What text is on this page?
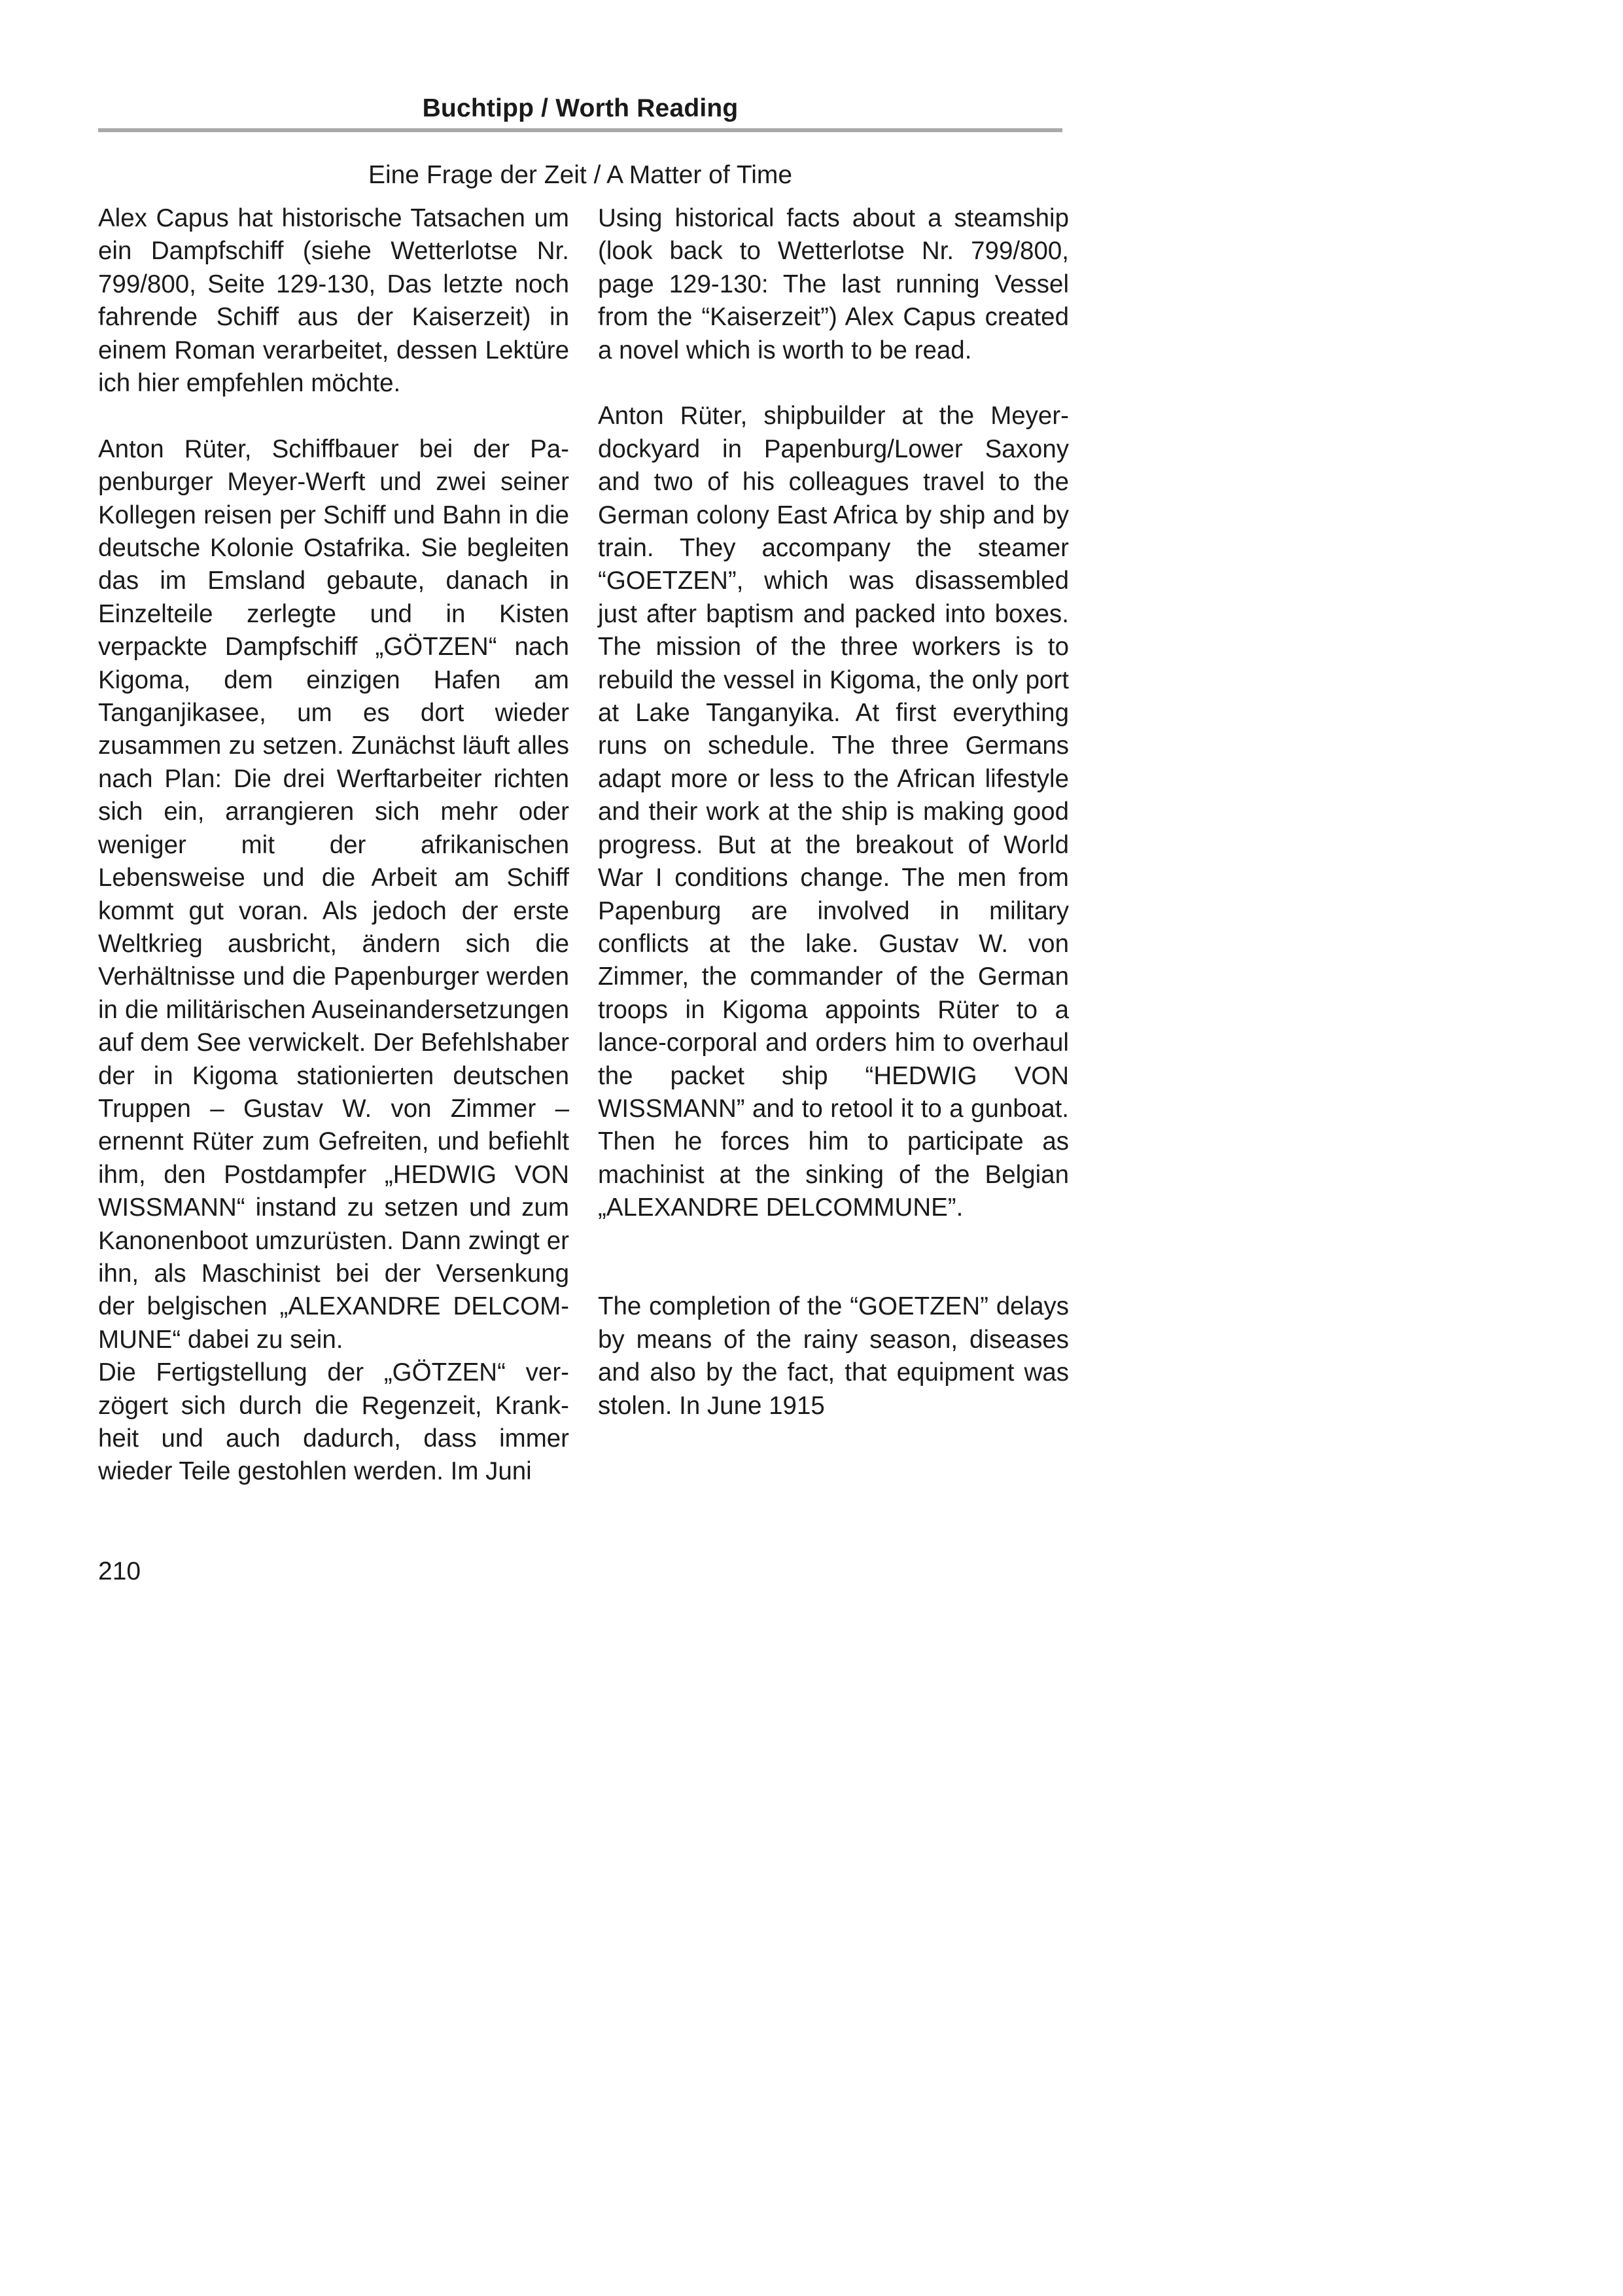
Buchtipp / Worth Reading
Eine Frage der Zeit / A Matter of Time

Alex Capus hat historische Tatsachen um ein Dampfschiff (siehe Wetterlotse Nr. 799/800, Seite 129-130, Das letzte noch fahrende Schiff aus der Kaiserzeit) in einem Roman verarbeitet, dessen Lektüre ich hier empfehlen möchte.

Anton Rüter, Schiffbauer bei der Papenburger Meyer-Werft und zwei seiner Kollegen reisen per Schiff und Bahn in die deutsche Kolonie Ostafrika. Sie begleiten das im Emsland gebaute, danach in Einzelteile zerlegte und in Kisten verpackte Dampfschiff „GÖTZEN“ nach Kigoma, dem einzigen Hafen am Tanganjikasee, um es dort wieder zusammen zu setzen. Zunächst läuft alles nach Plan: Die drei Werftarbeiter richten sich ein, arrangieren sich mehr oder weniger mit der afrikanischen Lebensweise und die Arbeit am Schiff kommt gut voran. Als jedoch der erste Weltkrieg ausbricht, ändern sich die Verhältnisse und die Papenburger werden in die militärischen Auseinandersetzungen auf dem See verwickelt. Der Befehlshaber der in Kigoma stationierten deutschen Truppen – Gustav W. von Zimmer – ernennt Rüter zum Gefreiten, und befiehlt ihm, den Postdampfer „HEDWIG VON WISSMANN“ instand zu setzen und zum Kanonenboot umzurüsten. Dann zwingt er ihn, als Maschinist bei der Versenkung der belgischen „ALEXANDRE DELCOMMUNE“ dabei zu sein.

Die Fertigstellung der „GÖTZEN“ verzögert sich durch die Regenzeit, Krankheit und auch dadurch, dass immer wieder Teile gestohlen werden. Im Juni

Using historical facts about a steamship (look back to Wetterlotse Nr. 799/800, page 129-130: The last running Vessel from the “Kaiserzeit”) Alex Capus created a novel which is worth to be read.

Anton Rüter, shipbuilder at the Meyer-dockyard in Papenburg/Lower Saxony and two of his colleagues travel to the German colony East Africa by ship and by train. They accompany the steamer “GOETZEN”, which was disassembled just after baptism and packed into boxes. The mission of the three workers is to rebuild the vessel in Kigoma, the only port at Lake Tanganyika. At first everything runs on schedule. The three Germans adapt more or less to the African lifestyle and their work at the ship is making good progress. But at the breakout of World War I conditions change. The men from Papenburg are involved in military conflicts at the lake. Gustav W. von Zimmer, the commander of the German troops in Kigoma appoints Rüter to a lance-corporal and orders him to overhaul the packet ship “HEDWIG VON WISSMANN” and to retool it to a gunboat. Then he forces him to participate as machinist at the sinking of the Belgian „ALEXANDRE DELCOMMUNE”.

The completion of the “GOETZEN” delays by means of the rainy season, diseases and also by the fact, that equipment was stolen. In June 1915

210
